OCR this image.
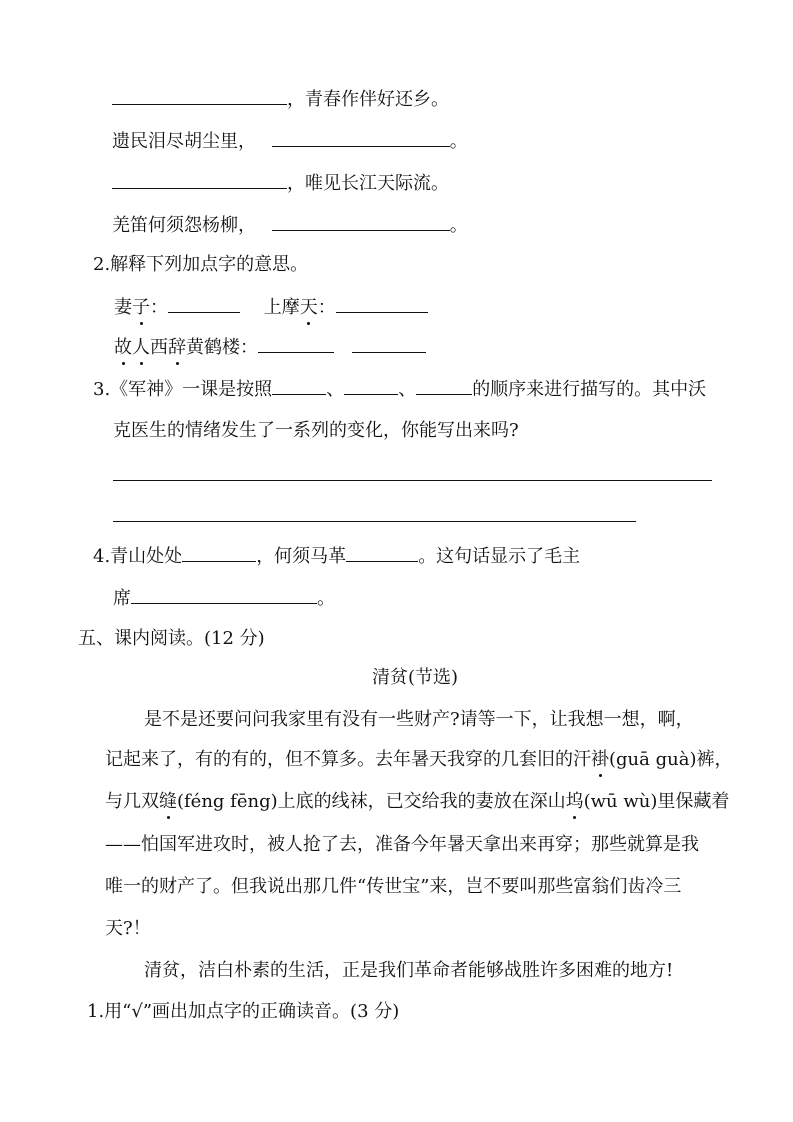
，青春作伴好还乡。
遗民泪尽胡尘里，	。
，唯见长江天际流。
羌笛何须怨杨柳，	。
2.解释下列加点字的意思。
妻子：	上摩天：
故人西辞黄鹤楼：
3.《军神》一课是按照	、	、	的顺序来进行描写的。其中沃
克医生的情绪发生了一系列的变化，你能写出来吗?
4.青山处处	，何须马革	。这句话显示了毛主
席	。
五、课内阅读。(12 分)
清贫(节选)
是不是还要问问我家里有没有一些财产?请等一下，让我想一想，啊，
记起来了，有的有的，但不算多。去年暑天我穿的几套旧的汗褂(guā guà)裤，
与几双缝(féng fēng)上底的线袜，已交给我的妻放在深山坞(wū wù)里保藏着
——怕国军进攻时，被人抢了去，准备今年暑天拿出来再穿；那些就算是我
唯一的财产了。但我说出那几件“传世宝”来，岂不要叫那些富翁们齿冷三
天?！
清贫，洁白朴素的生活，正是我们革命者能够战胜许多困难的地方!
1.用“√”画出加点字的正确读音。(3 分)
